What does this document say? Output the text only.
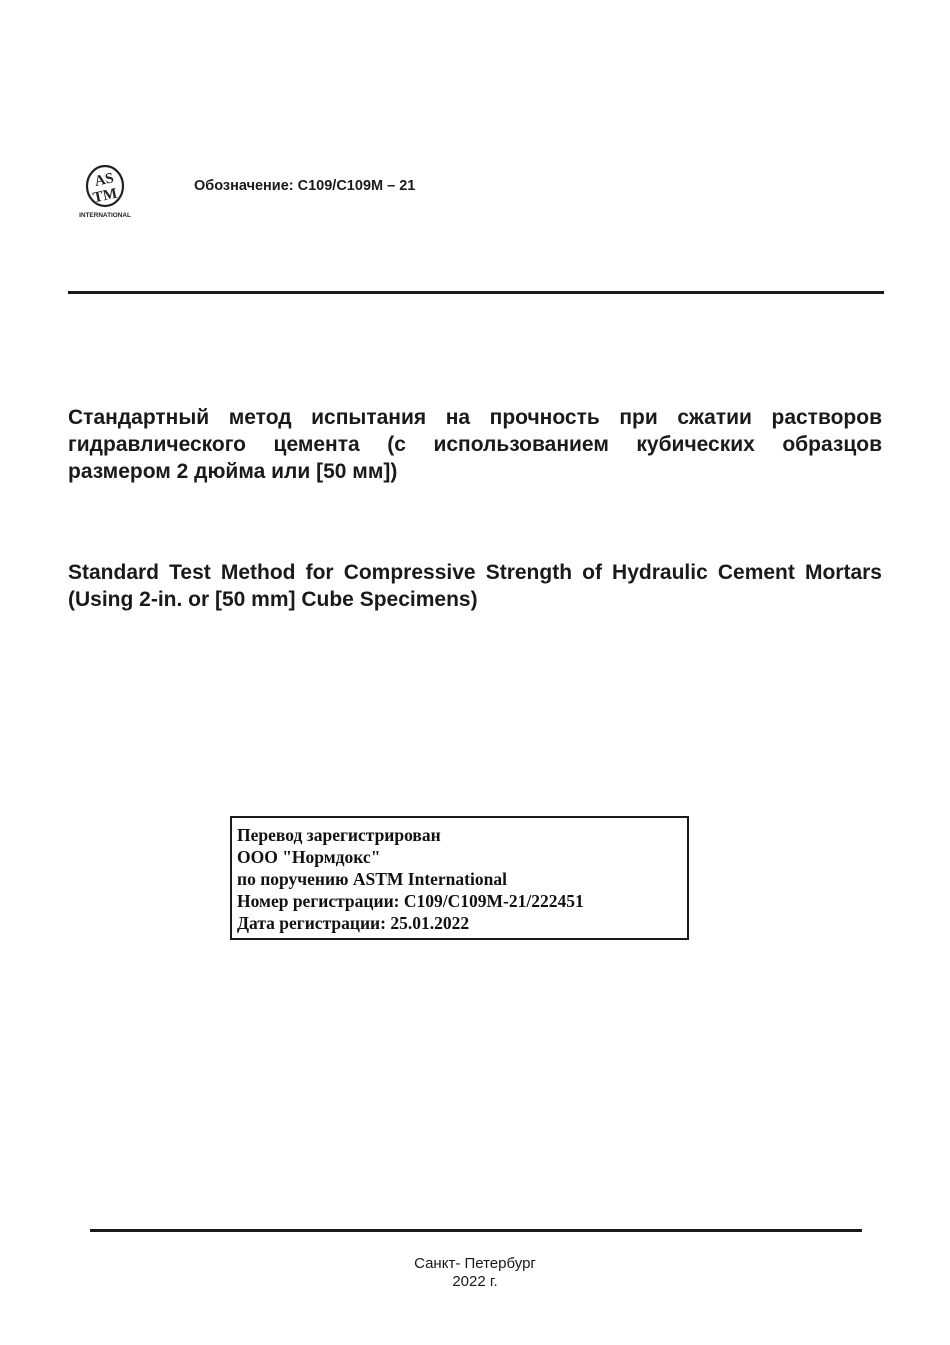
AS
TM
INTERNATIONAL
Обозначение: C109/C109M – 21
Стандартный метод испытания на прочность при сжатии растворов гидравлического цемента (с использованием кубических образцов размером 2 дюйма или [50 мм])
Standard Test Method for Compressive Strength of Hydraulic Cement Mortars (Using 2-in. or [50 mm] Cube Specimens)
Перевод зарегистрирован
ООО "Нормдокс"
по поручению ASTM International
Номер регистрации: C109/C109M-21/222451
Дата регистрации: 25.01.2022
Санкт- Петербург
2022 г.
